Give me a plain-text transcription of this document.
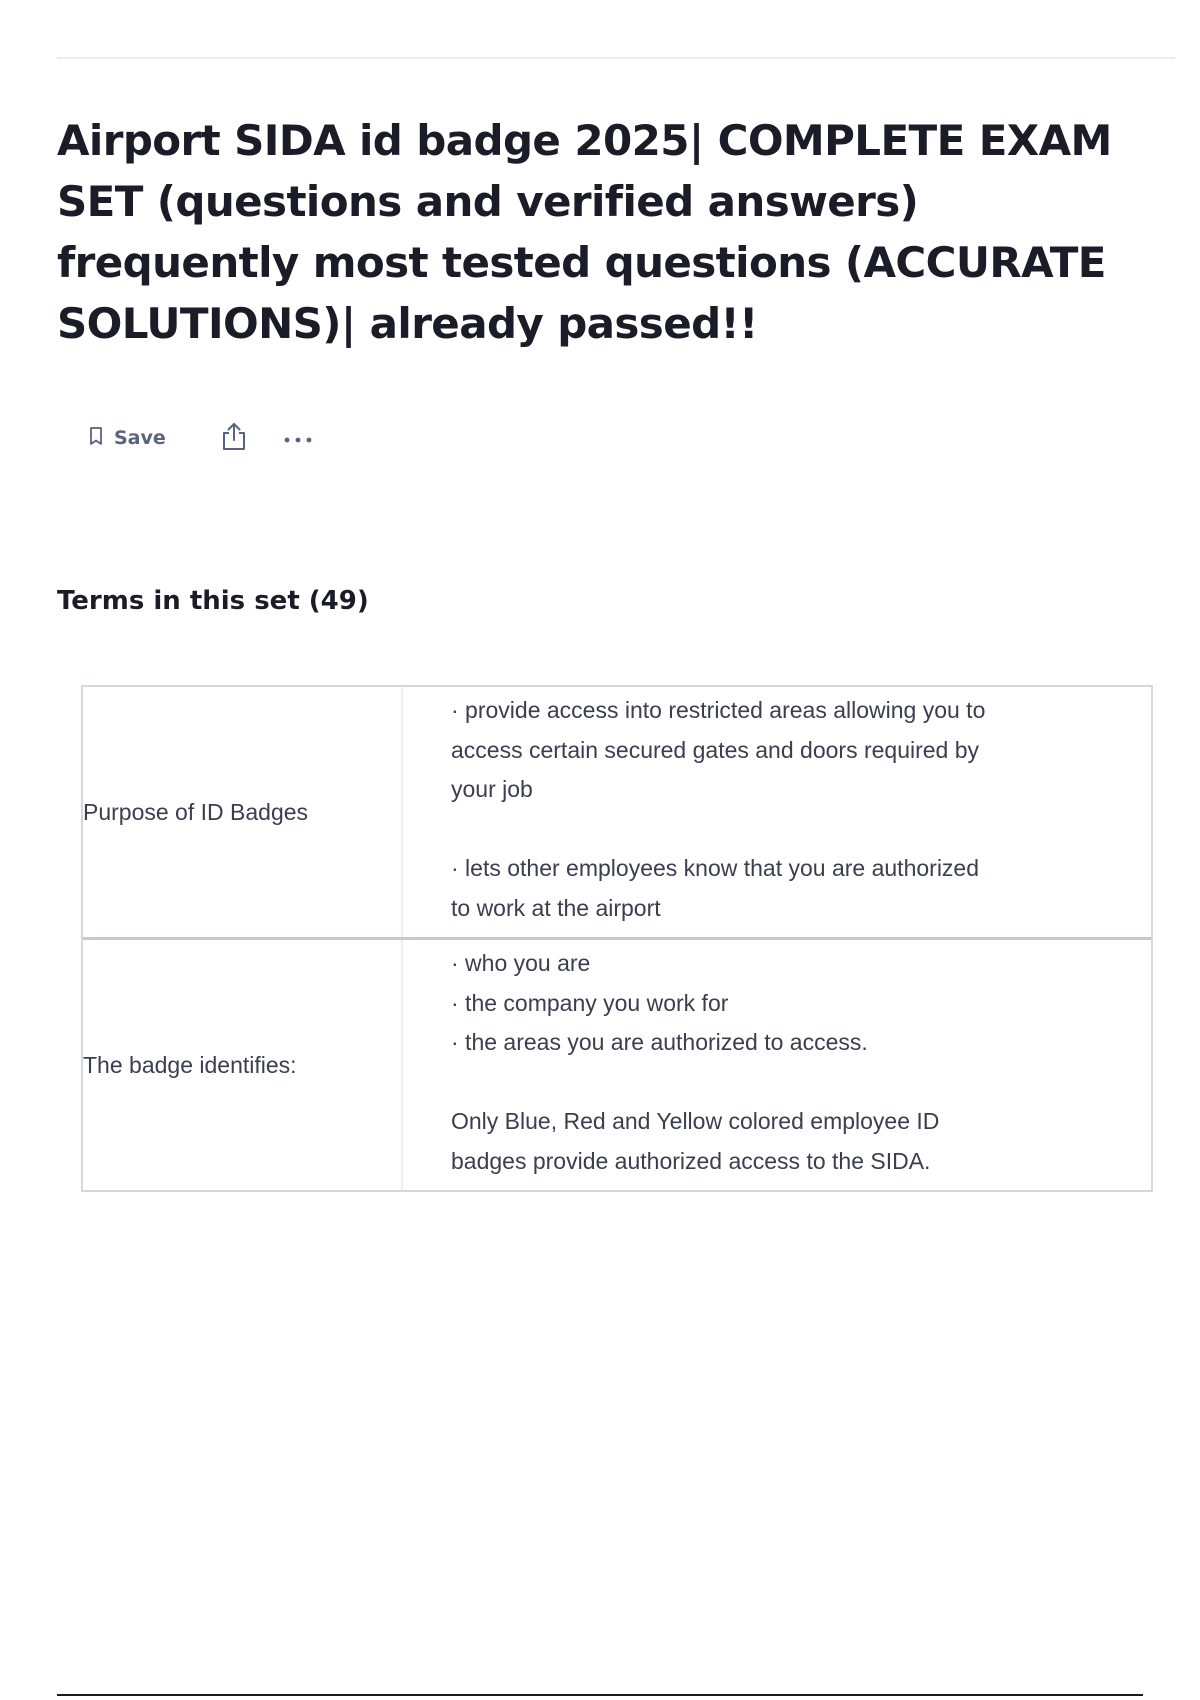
Airport SIDA id badge 2025| COMPLETE EXAM SET (questions and verified answers) frequently most tested questions (ACCURATE SOLUTIONS)| already passed!!
Save
Terms in this set (49)
Purpose of ID Badges
· provide access into restricted areas allowing you to
access certain secured gates and doors required by
your job
· lets other employees know that you are authorized
to work at the airport
The badge identifies:
· who you are
· the company you work for
· the areas you are authorized to access.
Only Blue, Red and Yellow colored employee ID
badges provide authorized access to the SIDA.
